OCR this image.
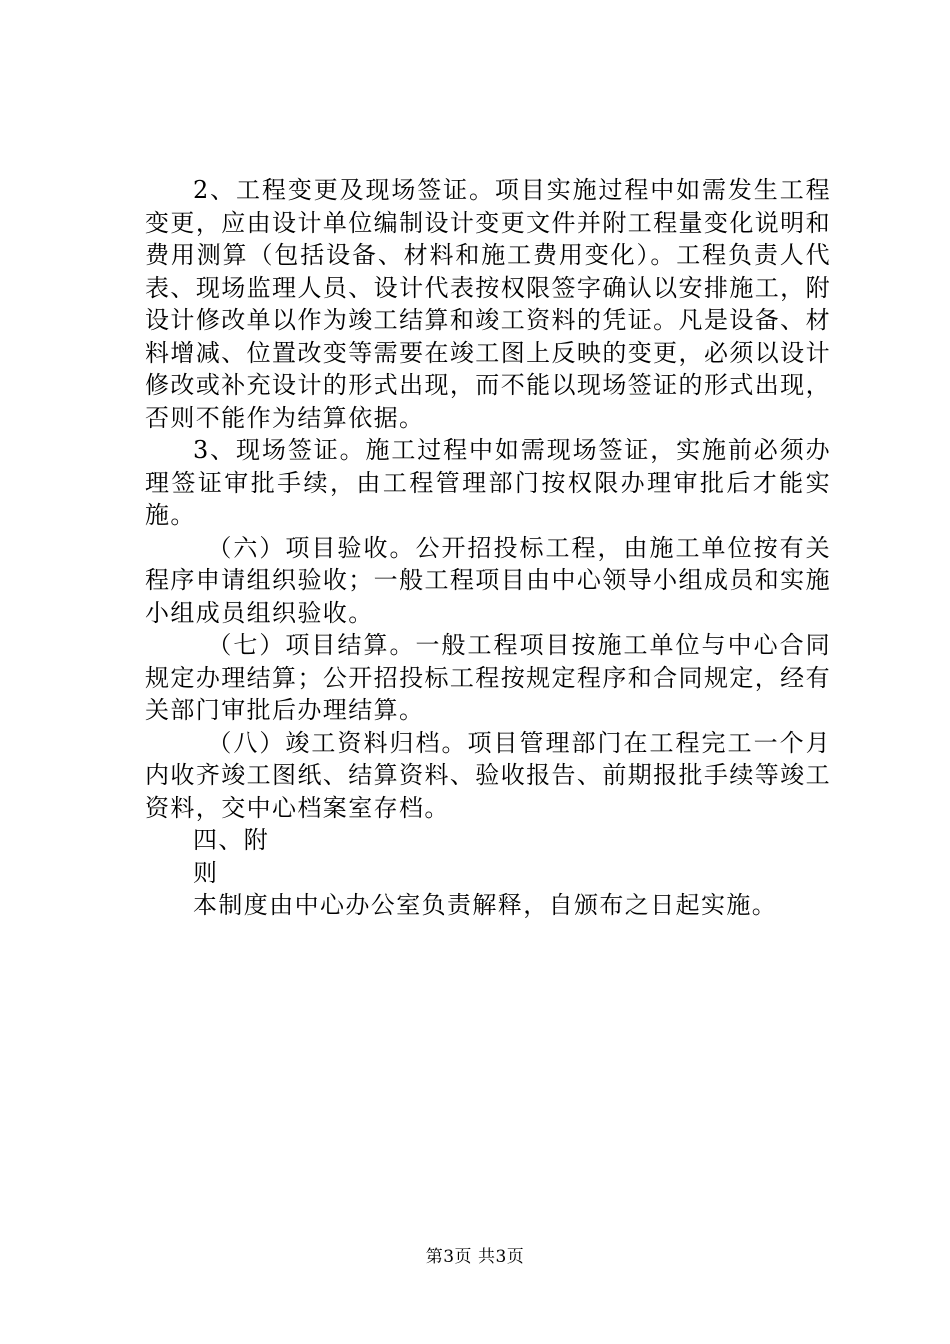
2、工程变更及现场签证。项目实施过程中如需发生工程变更，应由设计单位编制设计变更文件并附工程量变化说明和费用测算（包括设备、材料和施工费用变化）。工程负责人代表、现场监理人员、设计代表按权限签字确认以安排施工，附设计修改单以作为竣工结算和竣工资料的凭证。凡是设备、材料增减、位置改变等需要在竣工图上反映的变更，必须以设计修改或补充设计的形式出现，而不能以现场签证的形式出现，否则不能作为结算依据。

3、现场签证。施工过程中如需现场签证，实施前必须办理签证审批手续，由工程管理部门按权限办理审批后才能实施。

（六）项目验收。公开招投标工程，由施工单位按有关程序申请组织验收；一般工程项目由中心领导小组成员和实施小组成员组织验收。

（七）项目结算。一般工程项目按施工单位与中心合同规定办理结算；公开招投标工程按规定程序和合同规定，经有关部门审批后办理结算。

（八）竣工资料归档。项目管理部门在工程完工一个月内收齐竣工图纸、结算资料、验收报告、前期报批手续等竣工资料，交中心档案室存档。

四、附

则

本制度由中心办公室负责解释，自颁布之日起实施。

第3页 共3页
